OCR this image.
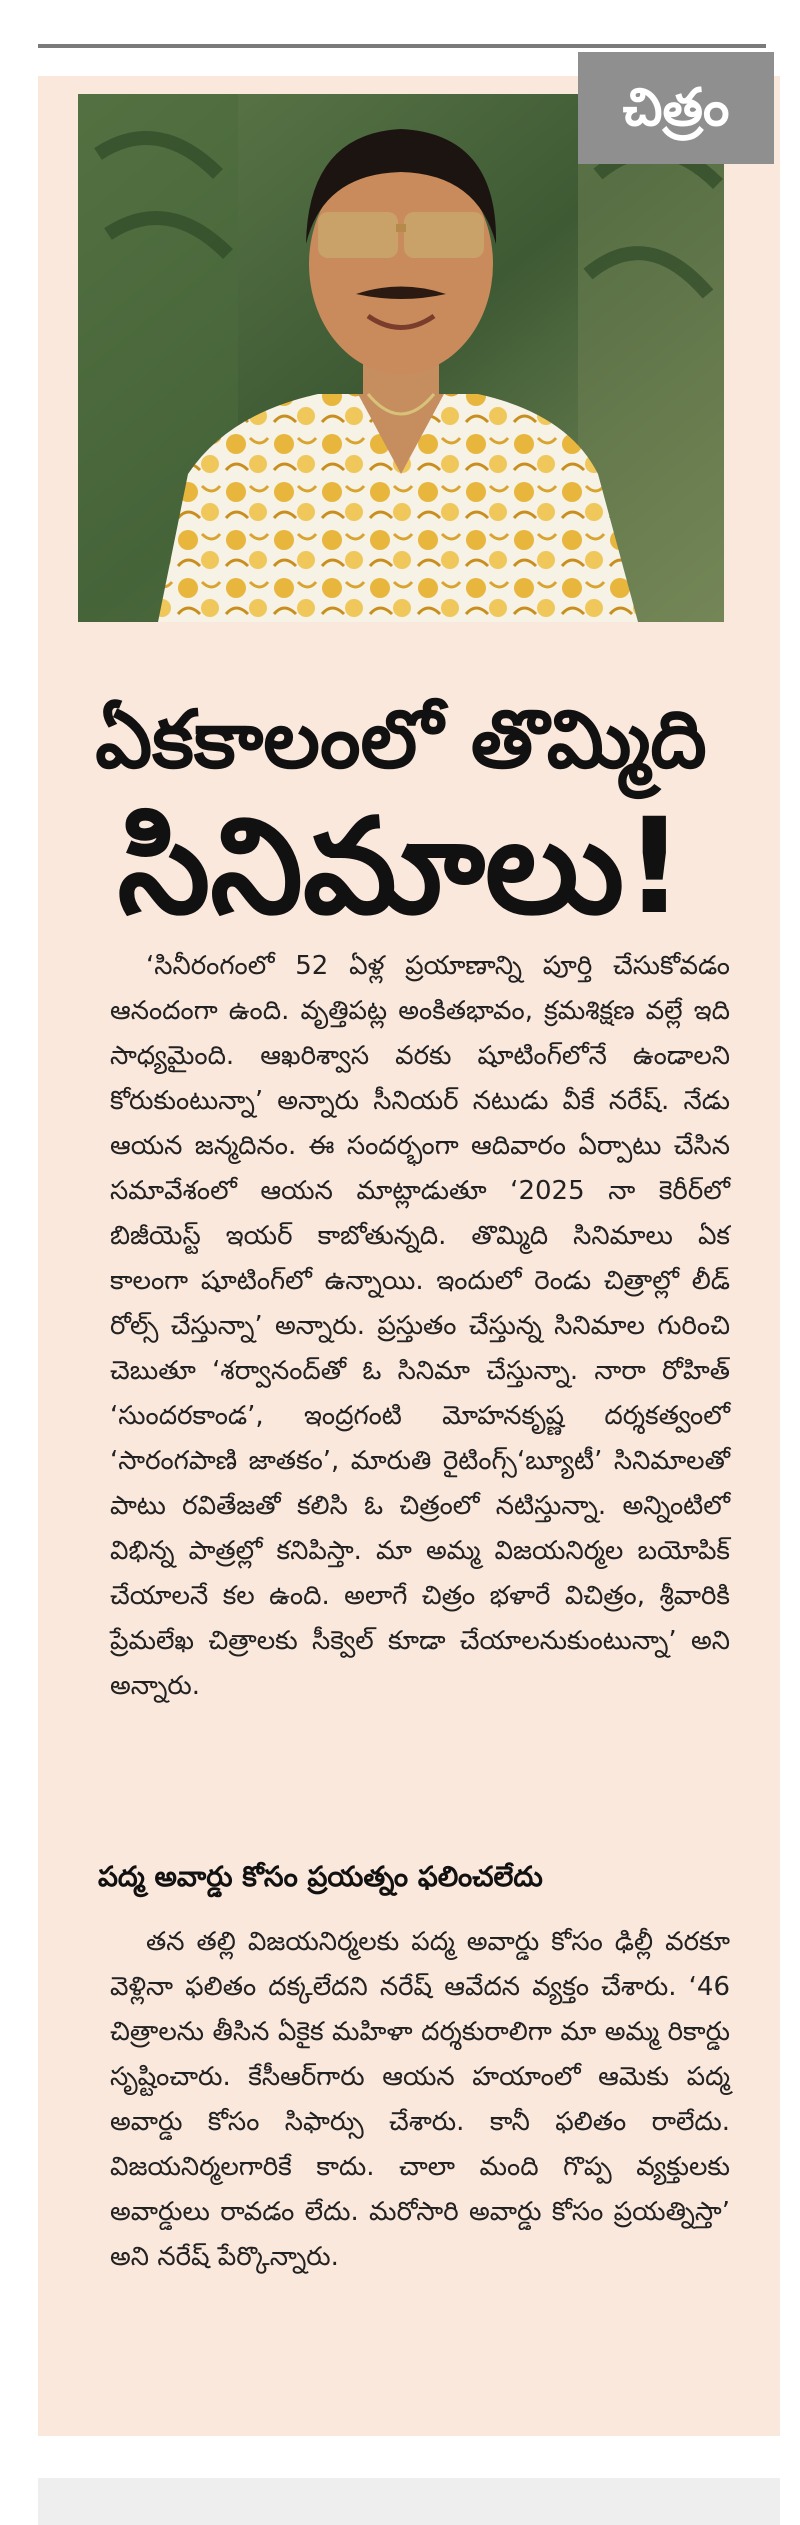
చిత్రం
ఏకకాలంలో తొమ్మిది
సినిమాలు!

‘సినీరంగంలో 52 ఏళ్ల ప్రయాణాన్ని పూర్తి చేసుకోవడం ఆనందంగా ఉంది. వృత్తిపట్ల అంకితభావం, క్రమశిక్షణ వల్లే ఇది సాధ్యమైంది. ఆఖరిశ్వాస వరకు షూటింగ్‌లోనే ఉండాలని కోరుకుంటున్నా’ అన్నారు సీనియర్ నటుడు వీకే నరేష్. నేడు ఆయన జన్మదినం. ఈ సందర్భంగా ఆదివారం ఏర్పాటు చేసిన సమావేశంలో ఆయన మాట్లాడుతూ ‘2025 నా కెరీర్‌లో బిజీయెస్ట్ ఇయర్ కాబోతున్నది. తొమ్మిది సినిమాలు ఏక కాలంగా షూటింగ్‌లో ఉన్నాయి. ఇందులో రెండు చిత్రాల్లో లీడ్ రోల్స్ చేస్తున్నా’ అన్నారు. ప్రస్తుతం చేస్తున్న సినిమాల గురించి చెబుతూ ‘శర్వానంద్‌తో ఓ సినిమా చేస్తున్నా. నారా రోహిత్ ‘సుందరకాండ’, ఇంద్రగంటి మోహనకృష్ణ దర్శకత్వంలో ‘సారంగపాణి జాతకం’, మారుతి రైటింగ్స్‘బ్యూటీ’ సినిమాలతో పాటు రవితేజతో కలిసి ఓ చిత్రంలో నటిస్తున్నా. అన్నింటిలో విభిన్న పాత్రల్లో కనిపిస్తా. మా అమ్మ విజయనిర్మల బయోపిక్ చేయాలనే కల ఉంది. అలాగే చిత్రం భళారే విచిత్రం, శ్రీవారికి ప్రేమలేఖ చిత్రాలకు సీక్వెల్ కూడా చేయాలనుకుంటున్నా’ అని అన్నారు.

పద్మ అవార్డు కోసం ప్రయత్నం ఫలించలేదు

తన తల్లి విజయనిర్మలకు పద్మ అవార్డు కోసం ఢిల్లీ వరకూ వెళ్లినా ఫలితం దక్కలేదని నరేష్ ఆవేదన వ్యక్తం చేశారు. ‘46 చిత్రాలను తీసిన ఏకైక మహిళా దర్శకురాలిగా మా అమ్మ రికార్డు సృష్టించారు. కేసీఆర్‌గారు ఆయన హయాంలో ఆమెకు పద్మ అవార్డు కోసం సిఫార్సు చేశారు. కానీ ఫలితం రాలేదు. విజయనిర్మలగారికే కాదు. చాలా మంది గొప్ప వ్యక్తులకు అవార్డులు రావడం లేదు. మరోసారి అవార్డు కోసం ప్రయత్నిస్తా’ అని నరేష్ పేర్కొన్నారు.
